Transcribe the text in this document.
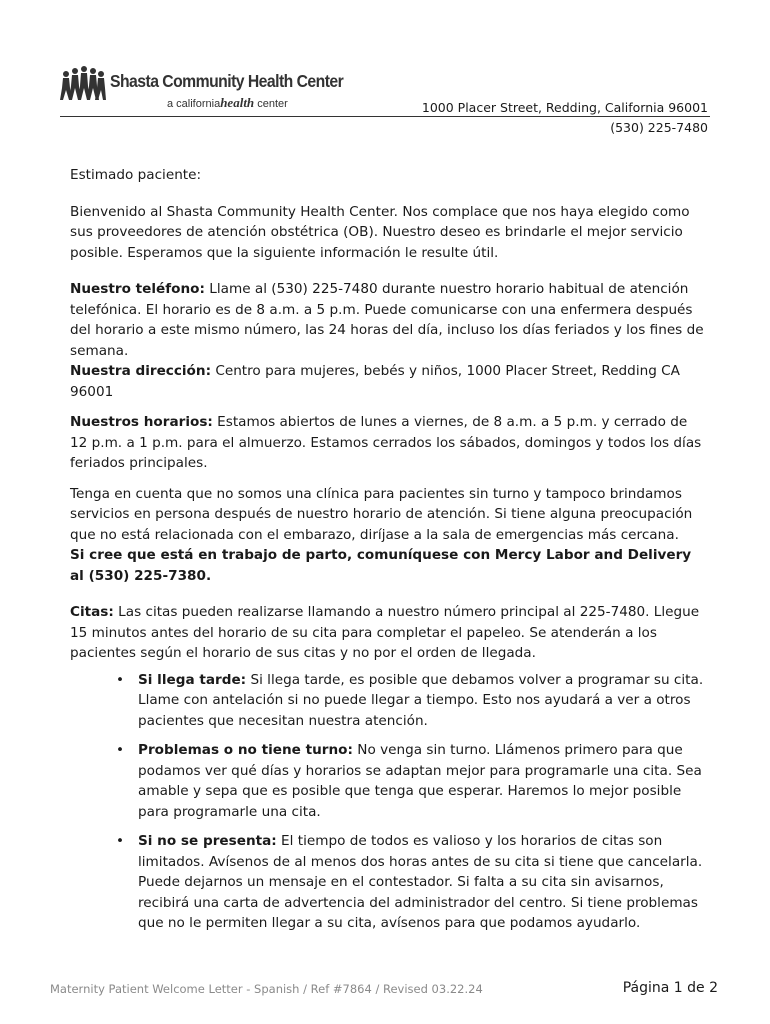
Shasta Community Health Center
a californiahealth center	1000 Placer Street, Redding, California 96001
(530) 225-7480

Estimado paciente:

Bienvenido al Shasta Community Health Center. Nos complace que nos haya elegido como sus proveedores de atención obstétrica (OB). Nuestro deseo es brindarle el mejor servicio posible. Esperamos que la siguiente información le resulte útil.

Nuestro teléfono: Llame al (530) 225-7480 durante nuestro horario habitual de atención telefónica. El horario es de 8 a.m. a 5 p.m. Puede comunicarse con una enfermera después del horario a este mismo número, las 24 horas del día, incluso los días feriados y los fines de semana.

Nuestra dirección: Centro para mujeres, bebés y niños, 1000 Placer Street, Redding CA 96001

Nuestros horarios: Estamos abiertos de lunes a viernes, de 8 a.m. a 5 p.m. y cerrado de 12 p.m. a 1 p.m. para el almuerzo. Estamos cerrados los sábados, domingos y todos los días feriados principales.

Tenga en cuenta que no somos una clínica para pacientes sin turno y tampoco brindamos servicios en persona después de nuestro horario de atención. Si tiene alguna preocupación que no está relacionada con el embarazo, diríjase a la sala de emergencias más cercana.

Si cree que está en trabajo de parto, comuníquese con Mercy Labor and Delivery al (530) 225-7380.

Citas: Las citas pueden realizarse llamando a nuestro número principal al 225-7480. Llegue 15 minutos antes del horario de su cita para completar el papeleo. Se atenderán a los pacientes según el horario de sus citas y no por el orden de llegada.

• Si llega tarde: Si llega tarde, es posible que debamos volver a programar su cita. Llame con antelación si no puede llegar a tiempo. Esto nos ayudará a ver a otros pacientes que necesitan nuestra atención.
• Problemas o no tiene turno: No venga sin turno. Llámenos primero para que podamos ver qué días y horarios se adaptan mejor para programarle una cita. Sea amable y sepa que es posible que tenga que esperar. Haremos lo mejor posible para programarle una cita.
• Si no se presenta: El tiempo de todos es valioso y los horarios de citas son limitados. Avísenos de al menos dos horas antes de su cita si tiene que cancelarla. Puede dejarnos un mensaje en el contestador. Si falta a su cita sin avisarnos, recibirá una carta de advertencia del administrador del centro. Si tiene problemas que no le permiten llegar a su cita, avísenos para que podamos ayudarlo.
Maternity Patient Welcome Letter - Spanish / Ref #7864 / Revised 03.22.24	Página 1 de 2
